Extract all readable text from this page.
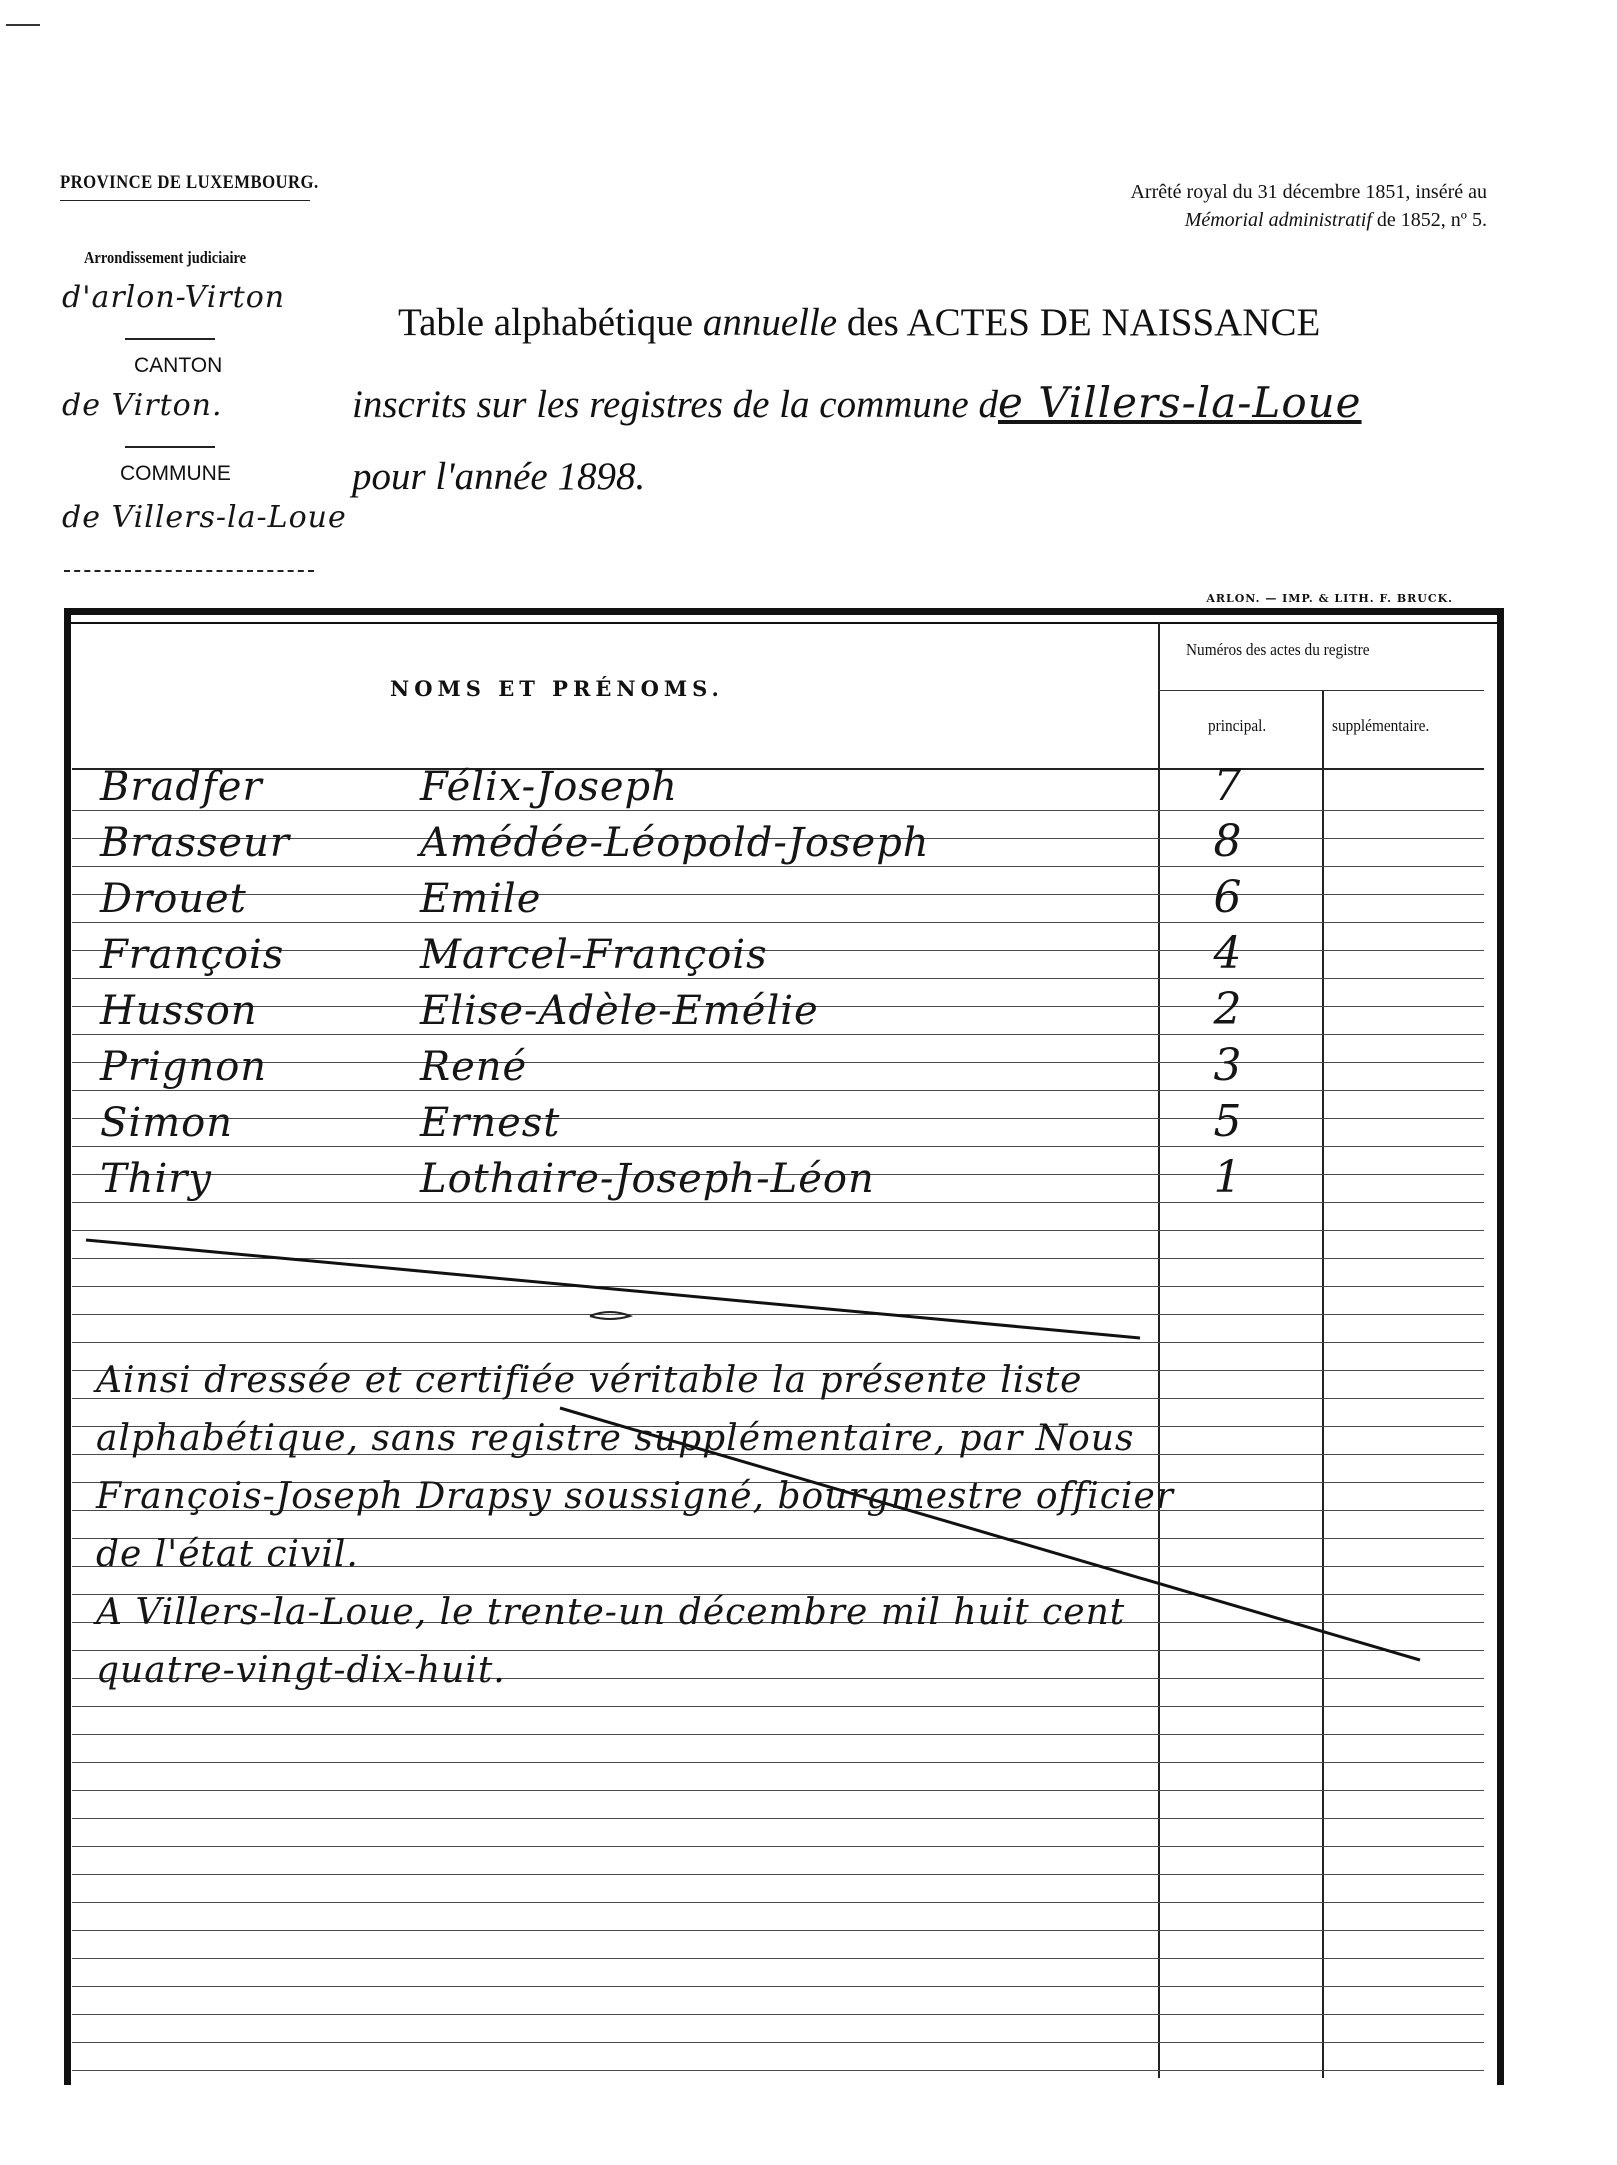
PROVINCE DE LUXEMBOURG.
Arrondissement judiciaire
d'arlon-Virton
CANTON
de Virton.
COMMUNE
de Villers-la-Loue
Arrêté royal du 31 décembre 1851, inséré au
Mémorial administratif de 1852, nº 5.
Table alphabétique annuelle des ACTES DE NAISSANCE
inscrits sur les registres de la commune de Villers-la-Loue
pour l'année 1898.
ARLON. — IMP. & LITH. F. BRUCK.
NOMS ET PRÉNOMS.
Numéros des actes du registre
principal.	supplémentaire.
Bradfer	Félix-Joseph	7
Brasseur	Amédée-Léopold-Joseph	8
Drouet	Emile	6
François	Marcel-François	4
Husson	Elise-Adèle-Emélie	2
Prignon	René	3
Simon	Ernest	5
Thiry	Lothaire-Joseph-Léon	1
Ainsi dressée et certifiée véritable la présente liste
alphabétique, sans registre supplémentaire, par Nous
François-Joseph Drapsy soussigné, bourgmestre officier
de l'état civil.
A Villers-la-Loue, le trente-un décembre mil huit cent
quatre-vingt-dix-huit.
